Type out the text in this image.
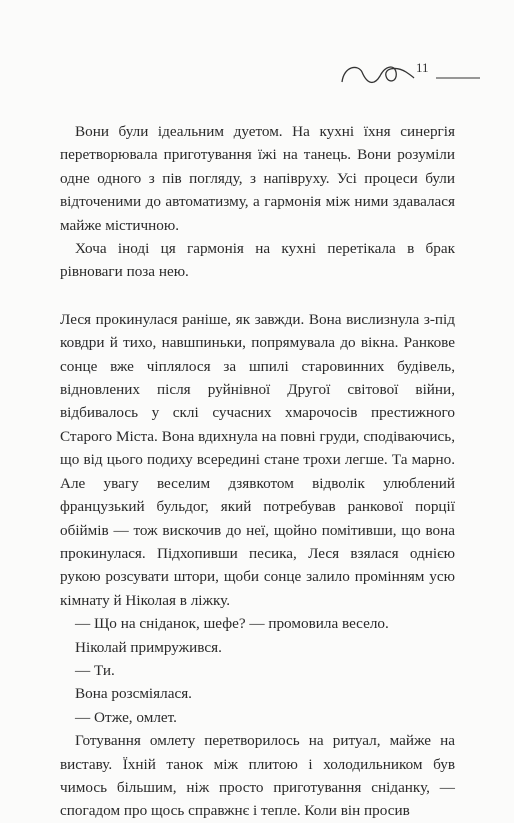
11

Вони були ідеальним дуетом. На кухні їхня синергія перетворювала приготування їжі на танець. Вони розуміли одне одного з пів погляду, з напівруху. Усі процеси були відточеними до автоматизму, а гармонія між ними здавалася майже містичною.

Хоча іноді ця гармонія на кухні перетікала в брак рівноваги поза нею.

Леся прокинулася раніше, як завжди. Вона вислизнула з-під ковдри й тихо, навшпиньки, попрямувала до вікна. Ранкове сонце вже чіплялося за шпилі старовинних будівель, відновлених після руйнівної Другої світової війни, відбивалось у склі сучасних хмарочосів престижного Старого Міста. Вона вдихнула на повні груди, сподіваючись, що від цього подиху всередині стане трохи легше. Та марно. Але увагу веселим дзявкотом відволік улюблений французький бульдог, який потребував ранкової порції обіймів — тож вискочив до неї, щойно помітивши, що вона прокинулася. Підхопивши песика, Леся взялася однією рукою розсувати штори, щоби сонце залило промінням усю кімнату й Ніколая в ліжку.

— Що на сніданок, шефе? — промовила весело.

Ніколай примружився.

— Ти.

Вона розсміялася.

— Отже, омлет.

Готування омлету перетворилось на ритуал, майже на виставу. Їхній танок між плитою і холодильником був чимось більшим, ніж просто приготування сніданку, — спогадом про щось справжнє і тепле. Коли він просив
